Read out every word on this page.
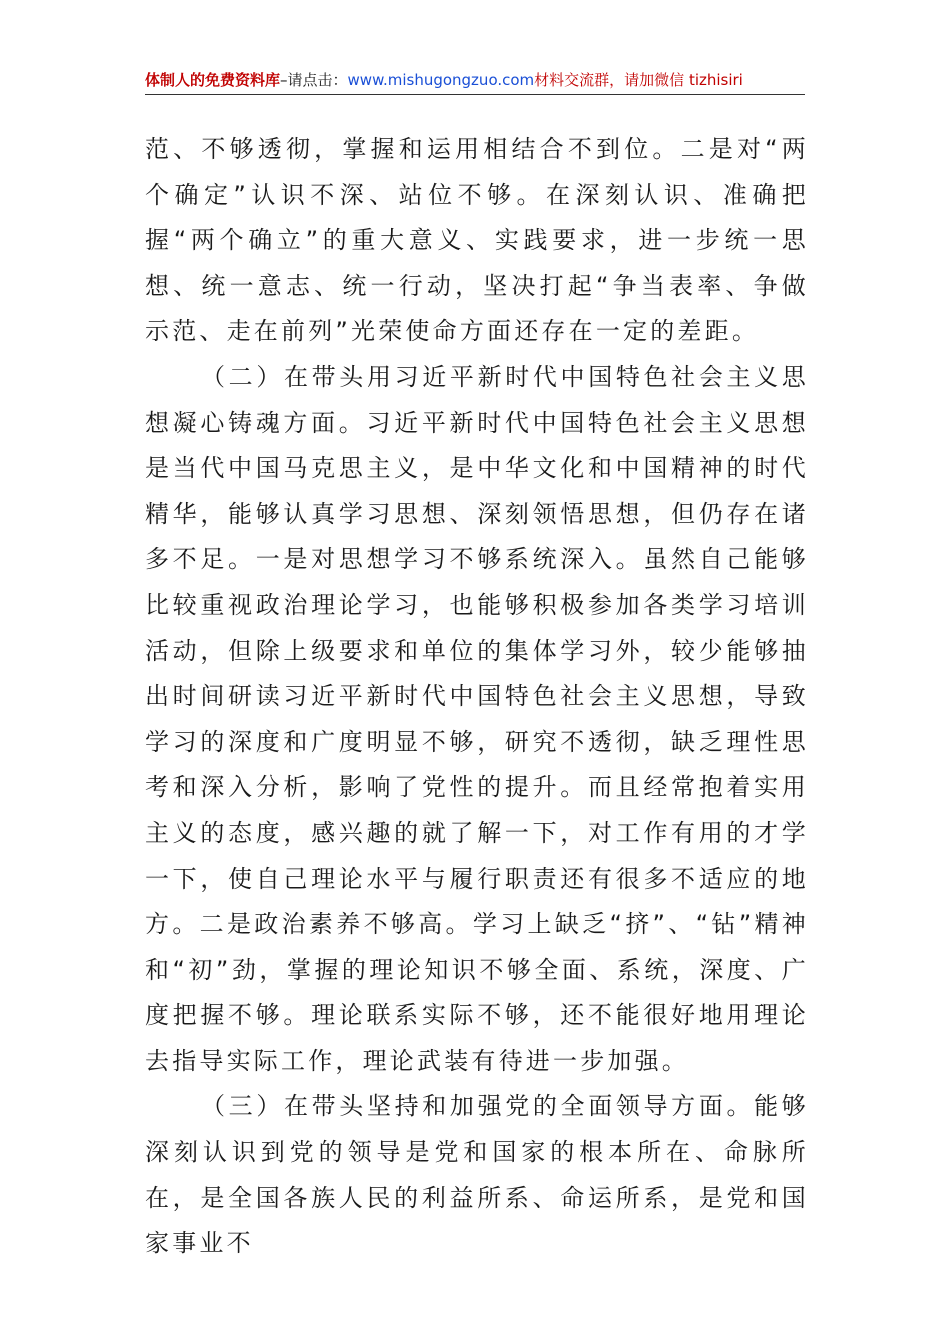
体制人的免费资料库–请点击：www.mishugongzuo.com材料交流群，请加微信 tizhisiri

范、不够透彻，掌握和运用相结合不到位。二是对“两个确定”认识不深、站位不够。在深刻认识、准确把握“两个确立”的重大意义、实践要求，进一步统一思想、统一意志、统一行动，坚决打起“争当表率、争做示范、走在前列”光荣使命方面还存在一定的差距。

（二）在带头用习近平新时代中国特色社会主义思想凝心铸魂方面。习近平新时代中国特色社会主义思想是当代中国马克思主义，是中华文化和中国精神的时代精华，能够认真学习思想、深刻领悟思想，但仍存在诸多不足。一是对思想学习不够系统深入。虽然自己能够比较重视政治理论学习，也能够积极参加各类学习培训活动，但除上级要求和单位的集体学习外，较少能够抽出时间研读习近平新时代中国特色社会主义思想，导致学习的深度和广度明显不够，研究不透彻，缺乏理性思考和深入分析，影响了党性的提升。而且经常抱着实用主义的态度，感兴趣的就了解一下，对工作有用的才学一下，使自己理论水平与履行职责还有很多不适应的地方。二是政治素养不够高。学习上缺乏“挤”、“钻”精神和“初”劲，掌握的理论知识不够全面、系统，深度、广度把握不够。理论联系实际不够，还不能很好地用理论去指导实际工作，理论武装有待进一步加强。

（三）在带头坚持和加强党的全面领导方面。能够深刻认识到党的领导是党和国家的根本所在、命脉所在，是全国各族人民的利益所系、命运所系，是党和国家事业不
